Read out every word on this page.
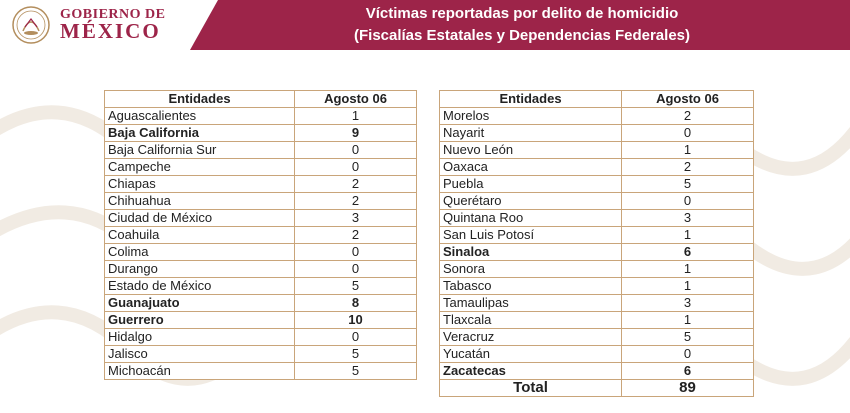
GOBIERNO DE
MÉXICO
Víctimas reportadas por delito de homicidio
(Fiscalías Estatales y Dependencias Federales)
Entidades	Agosto 06
Aguascalientes	1
Baja California	9
Baja California Sur	0
Campeche	0
Chiapas	2
Chihuahua	2
Ciudad de México	3
Coahuila	2
Colima	0
Durango	0
Estado de México	5
Guanajuato	8
Guerrero	10
Hidalgo	0
Jalisco	5
Michoacán	5
Entidades	Agosto 06
Morelos	2
Nayarit	0
Nuevo León	1
Oaxaca	2
Puebla	5
Querétaro	0
Quintana Roo	3
San Luis Potosí	1
Sinaloa	6
Sonora	1
Tabasco	1
Tamaulipas	3
Tlaxcala	1
Veracruz	5
Yucatán	0
Zacatecas	6
Total	89
